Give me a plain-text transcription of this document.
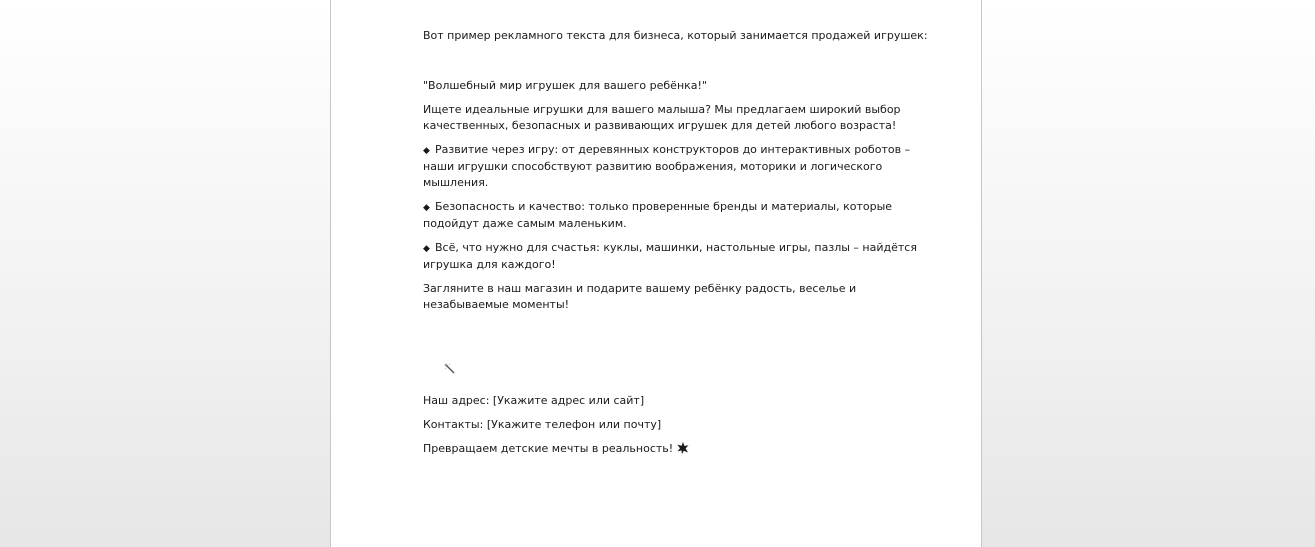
Вот пример рекламного текста для бизнеса, который занимается продажей игрушек:

"Волшебный мир игрушек для вашего ребёнка!"

Ищете идеальные игрушки для вашего малыша? Мы предлагаем широкий выбор качественных, безопасных и развивающих игрушек для детей любого возраста!

◆ Развитие через игру: от деревянных конструкторов до интерактивных роботов – наши игрушки способствуют развитию воображения, моторики и логического мышления.

◆ Безопасность и качество: только проверенные бренды и материалы, которые подойдут даже самым маленьким.

◆ Всё, что нужно для счастья: куклы, машинки, настольные игры, пазлы – найдётся игрушка для каждого!

Загляните в наш магазин и подарите вашему ребёнку радость, веселье и незабываемые моменты!

Наш адрес: [Укажите адрес или сайт]

Контакты: [Укажите телефон или почту]

Превращаем детские мечты в реальность!
